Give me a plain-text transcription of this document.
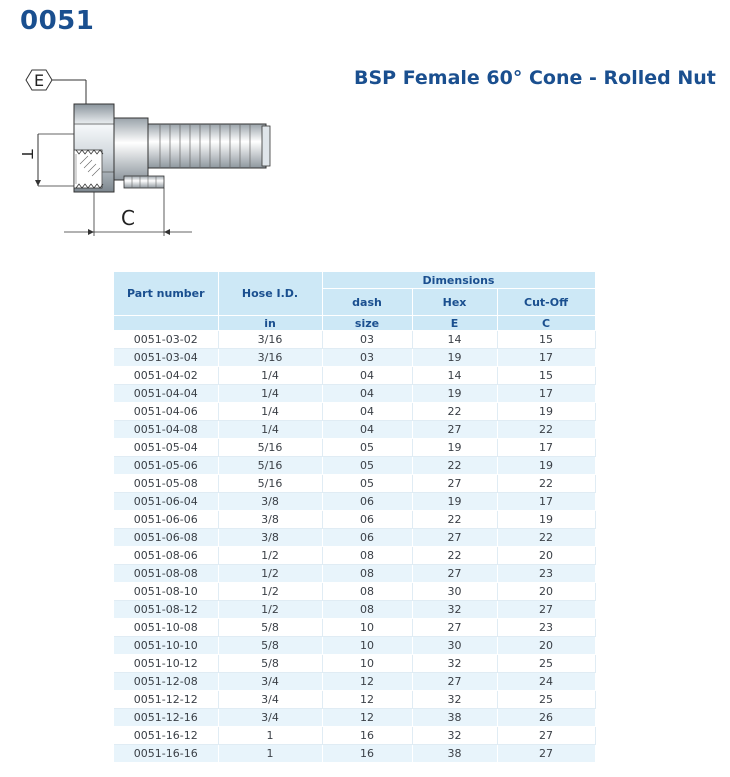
0051
BSP Female 60° Cone - Rolled Nut
E
T
C
Part number	Hose I.D.	Dimensions		
		dash	Hex	Cut-Off
	in	size	E	C
0051-03-02	3/16	03	14	15
0051-03-04	3/16	03	19	17
0051-04-02	1/4	04	14	15
0051-04-04	1/4	04	19	17
0051-04-06	1/4	04	22	19
0051-04-08	1/4	04	27	22
0051-05-04	5/16	05	19	17
0051-05-06	5/16	05	22	19
0051-05-08	5/16	05	27	22
0051-06-04	3/8	06	19	17
0051-06-06	3/8	06	22	19
0051-06-08	3/8	06	27	22
0051-08-06	1/2	08	22	20
0051-08-08	1/2	08	27	23
0051-08-10	1/2	08	30	20
0051-08-12	1/2	08	32	27
0051-10-08	5/8	10	27	23
0051-10-10	5/8	10	30	20
0051-10-12	5/8	10	32	25
0051-12-08	3/4	12	27	24
0051-12-12	3/4	12	32	25
0051-12-16	3/4	12	38	26
0051-16-12	1	16	32	27
0051-16-16	1	16	38	27
